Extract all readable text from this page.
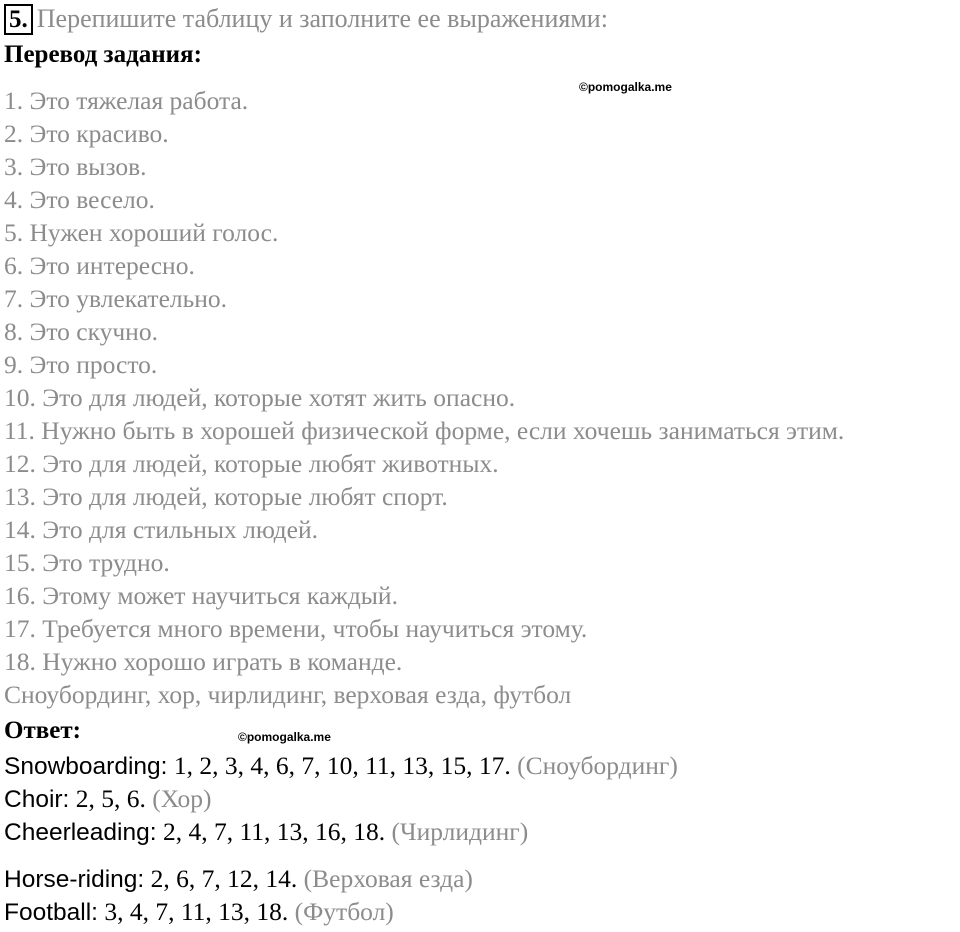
5. Перепишите таблицу и заполните ее выражениями:
Перевод задания:
©pomogalka.me
1. Это тяжелая работа.
2. Это красиво.
3. Это вызов.
4. Это весело.
5. Нужен хороший голос.
6. Это интересно.
7. Это увлекательно.
8. Это скучно.
9. Это просто.
10. Это для людей, которые хотят жить опасно.
11. Нужно быть в хорошей физической форме, если хочешь заниматься этим.
12. Это для людей, которые любят животных.
13. Это для людей, которые любят спорт.
14. Это для стильных людей.
15. Это трудно.
16. Этому может научиться каждый.
17. Требуется много времени, чтобы научиться этому.
18. Нужно хорошо играть в команде.
Сноубординг, хор, чирлидинг, верховая езда, футбол
Ответ:	©pomogalka.me
Snowboarding: 1, 2, 3, 4, 6, 7, 10, 11, 13, 15, 17. (Сноубординг)
Choir: 2, 5, 6. (Хор)
Cheerleading: 2, 4, 7, 11, 13, 16, 18. (Чирлидинг)
Horse-riding: 2, 6, 7, 12, 14. (Верховая езда)
Football: 3, 4, 7, 11, 13, 18. (Футбол)
